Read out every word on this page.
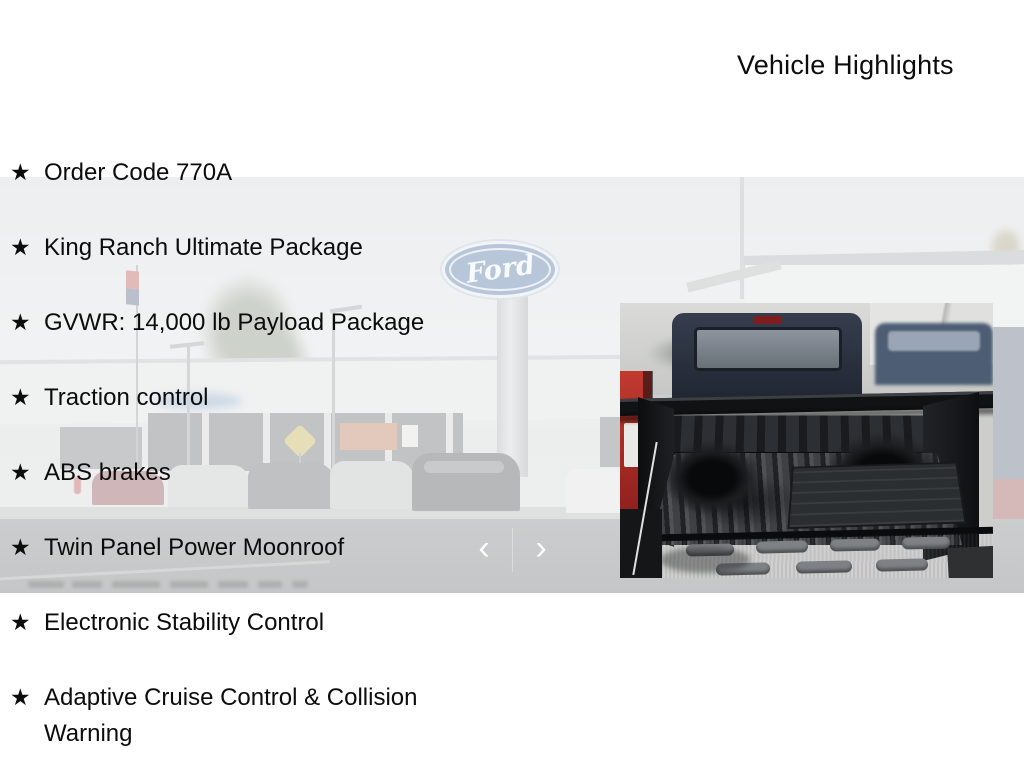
Ford
Vehicle Highlights
★ Order Code 770A
★ King Ranch Ultimate Package
★ GVWR: 14,000 lb Payload Package
★ Traction control
★ ABS brakes
★ Twin Panel Power Moonroof
★ Electronic Stability Control
★ Adaptive Cruise Control & Collision Warning
‹	›
